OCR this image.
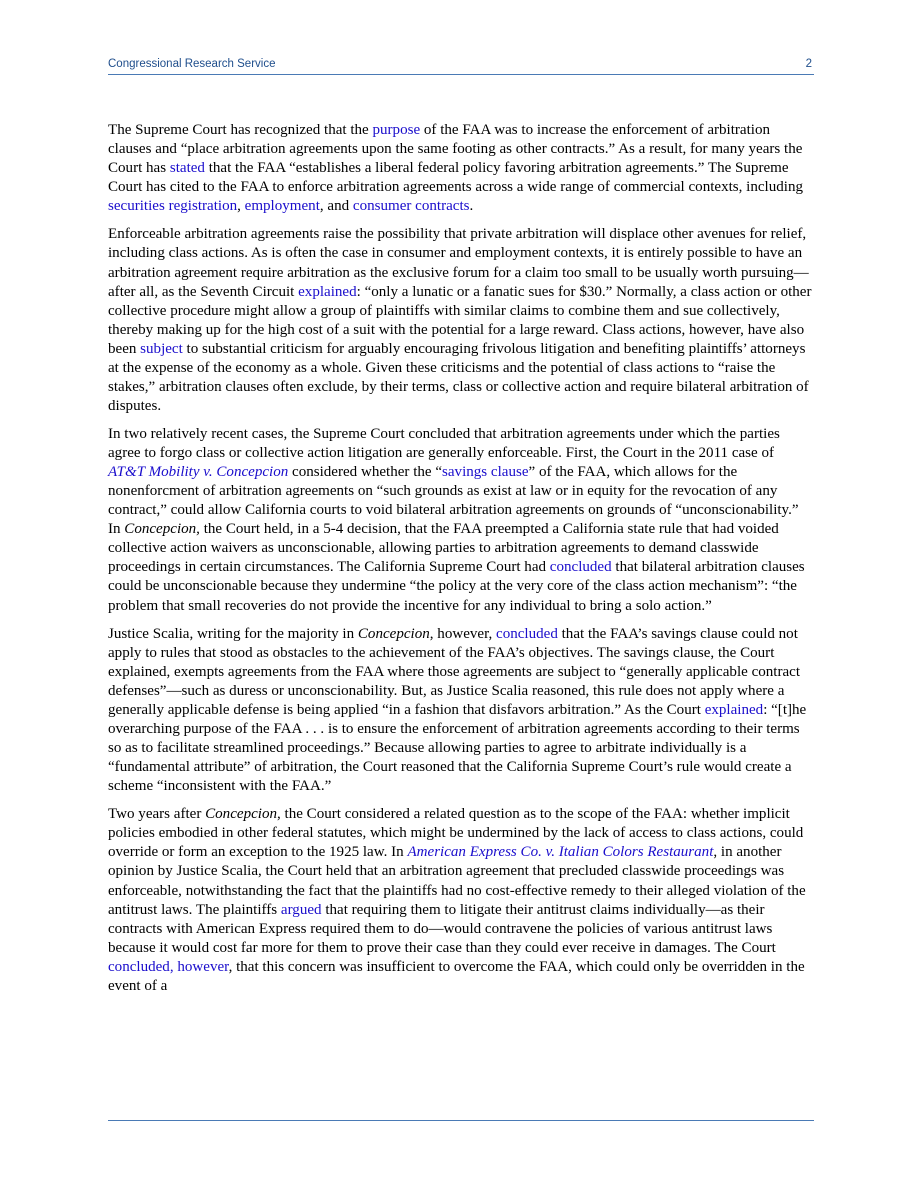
Congressional Research Service	2

The Supreme Court has recognized that the purpose of the FAA was to increase the enforcement of arbitration clauses and “place arbitration agreements upon the same footing as other contracts.” As a result, for many years the Court has stated that the FAA “establishes a liberal federal policy favoring arbitration agreements.” The Supreme Court has cited to the FAA to enforce arbitration agreements across a wide range of commercial contexts, including securities registration, employment, and consumer contracts.

Enforceable arbitration agreements raise the possibility that private arbitration will displace other avenues for relief, including class actions. As is often the case in consumer and employment contexts, it is entirely possible to have an arbitration agreement require arbitration as the exclusive forum for a claim too small to be usually worth pursuing—after all, as the Seventh Circuit explained: “only a lunatic or a fanatic sues for $30.” Normally, a class action or other collective procedure might allow a group of plaintiffs with similar claims to combine them and sue collectively, thereby making up for the high cost of a suit with the potential for a large reward. Class actions, however, have also been subject to substantial criticism for arguably encouraging frivolous litigation and benefiting plaintiffs’ attorneys at the expense of the economy as a whole. Given these criticisms and the potential of class actions to “raise the stakes,” arbitration clauses often exclude, by their terms, class or collective action and require bilateral arbitration of disputes.

In two relatively recent cases, the Supreme Court concluded that arbitration agreements under which the parties agree to forgo class or collective action litigation are generally enforceable. First, the Court in the 2011 case of AT&T Mobility v. Concepcion considered whether the “savings clause” of the FAA, which allows for the nonenforcment of arbitration agreements on “such grounds as exist at law or in equity for the revocation of any contract,” could allow California courts to void bilateral arbitration agreements on grounds of “unconscionability.” In Concepcion, the Court held, in a 5-4 decision, that the FAA preempted a California state rule that had voided collective action waivers as unconscionable, allowing parties to arbitration agreements to demand classwide proceedings in certain circumstances. The California Supreme Court had concluded that bilateral arbitration clauses could be unconscionable because they undermine “the policy at the very core of the class action mechanism”: “the problem that small recoveries do not provide the incentive for any individual to bring a solo action.”

Justice Scalia, writing for the majority in Concepcion, however, concluded that the FAA’s savings clause could not apply to rules that stood as obstacles to the achievement of the FAA’s objectives. The savings clause, the Court explained, exempts agreements from the FAA where those agreements are subject to “generally applicable contract defenses”—such as duress or unconscionability. But, as Justice Scalia reasoned, this rule does not apply where a generally applicable defense is being applied “in a fashion that disfavors arbitration.” As the Court explained: “[t]he overarching purpose of the FAA . . . is to ensure the enforcement of arbitration agreements according to their terms so as to facilitate streamlined proceedings.” Because allowing parties to agree to arbitrate individually is a “fundamental attribute” of arbitration, the Court reasoned that the California Supreme Court’s rule would create a scheme “inconsistent with the FAA.”

Two years after Concepcion, the Court considered a related question as to the scope of the FAA: whether implicit policies embodied in other federal statutes, which might be undermined by the lack of access to class actions, could override or form an exception to the 1925 law. In American Express Co. v. Italian Colors Restaurant, in another opinion by Justice Scalia, the Court held that an arbitration agreement that precluded classwide proceedings was enforceable, notwithstanding the fact that the plaintiffs had no cost-effective remedy to their alleged violation of the antitrust laws. The plaintiffs argued that requiring them to litigate their antitrust claims individually—as their contracts with American Express required them to do—would contravene the policies of various antitrust laws because it would cost far more for them to prove their case than they could ever receive in damages. The Court concluded, however, that this concern was insufficient to overcome the FAA, which could only be overridden in the event of a
